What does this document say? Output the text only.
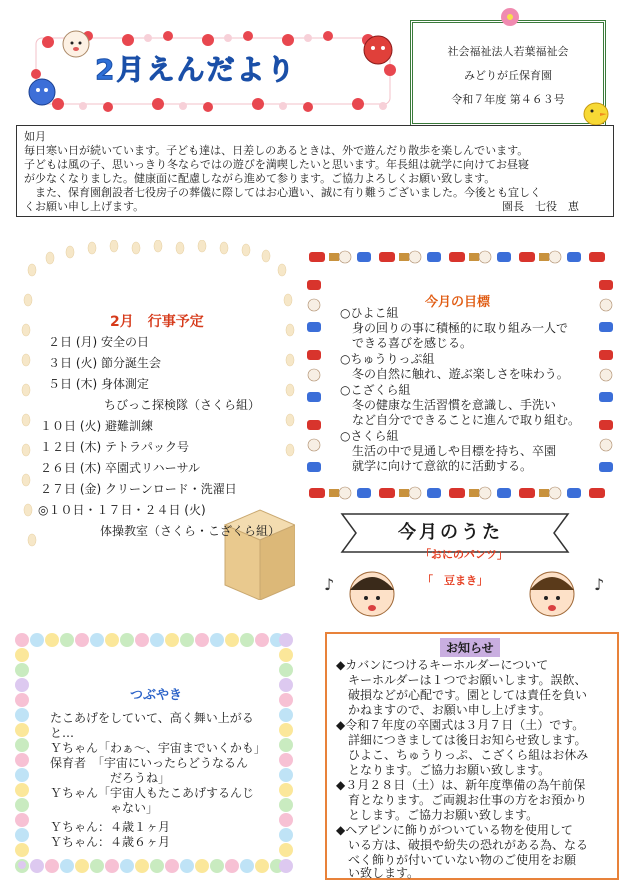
2月えんだより
社会福祉法人若葉福祉会
みどりが丘保育園
令和７年度 第４６３号
如月
毎日寒い日が続いています。子ども達は、日差しのあるときは、外で遊んだり散歩を楽しんでいます。
子どもは風の子、思いっきり冬ならではの遊びを満喫したいと思います。年長組は就学に向けてお昼寝
が少なくなりました。健康面に配慮しながら進めて参ります。ご協力よろしくお願い致します。
　また、保育園創設者七役房子の葬儀に際してはお心遣い、誠に有り難うございました。今後とも宜しく
くお願い申し上げます。	園長　七役　恵
2月　行事予定
２日 (月) 安全の日
３日 (火) 節分誕生会
５日 (木) 身体測定
ちびっこ探検隊（さくら組）
１０日 (火) 避難訓練
１２日 (木) テトラパック号
２６日 (木) 卒園式リハーサル
２７日 (金) クリーンロード・洗濯日
◎１０日・１７日・２４日 (火)
体操教室（さくら・こざくら組）
今月の目標
○ひよこ組
身の回りの事に積極的に取り組み一人で
できる喜びを感じる。
○ちゅうりっぷ組
冬の自然に触れ、遊ぶ楽しさを味わう。
○こざくら組
冬の健康な生活習慣を意識し、手洗い
など自分でできることに進んで取り組む。
○さくら組
生活の中で見通しや目標を持ち、卒園
就学に向けて意欲的に活動する。
今月のうた
「おにのパンツ」
「　豆まき」
♪	♪
つぶやき
たこあげをしていて、高く舞い上がる
と…
Ｙちゃん「わぁ～、宇宙までいくかも」
保育者　「宇宙にいったらどうなるん
だろうね」
Ｙちゃん「宇宙人もたこあげするんじ
ゃない」
Ｙちゃん：４歳１ヶ月
Ｙちゃん：４歳６ヶ月
お知らせ
◆カバンにつけるキーホルダーについて
キーホルダーは１つでお願いします。誤飲、
破損などが心配です。園としては責任を負い
かねますので、お願い申し上げます。
◆令和７年度の卒園式は３月７日（土）です。
詳細につきましては後日お知らせ致します。
ひよこ、ちゅうりっぷ、こざくら組はお休み
となります。ご協力お願い致します。
◆３月２８日（土）は、新年度準備の為午前保
育となります。ご両親お仕事の方をお預かり
とします。ご協力お願い致します。
◆ヘアピンに飾りがついている物を使用して
いる方は、破損や紛失の恐れがある為、なる
べく飾りが付いていない物のご使用をお願
い致します。
